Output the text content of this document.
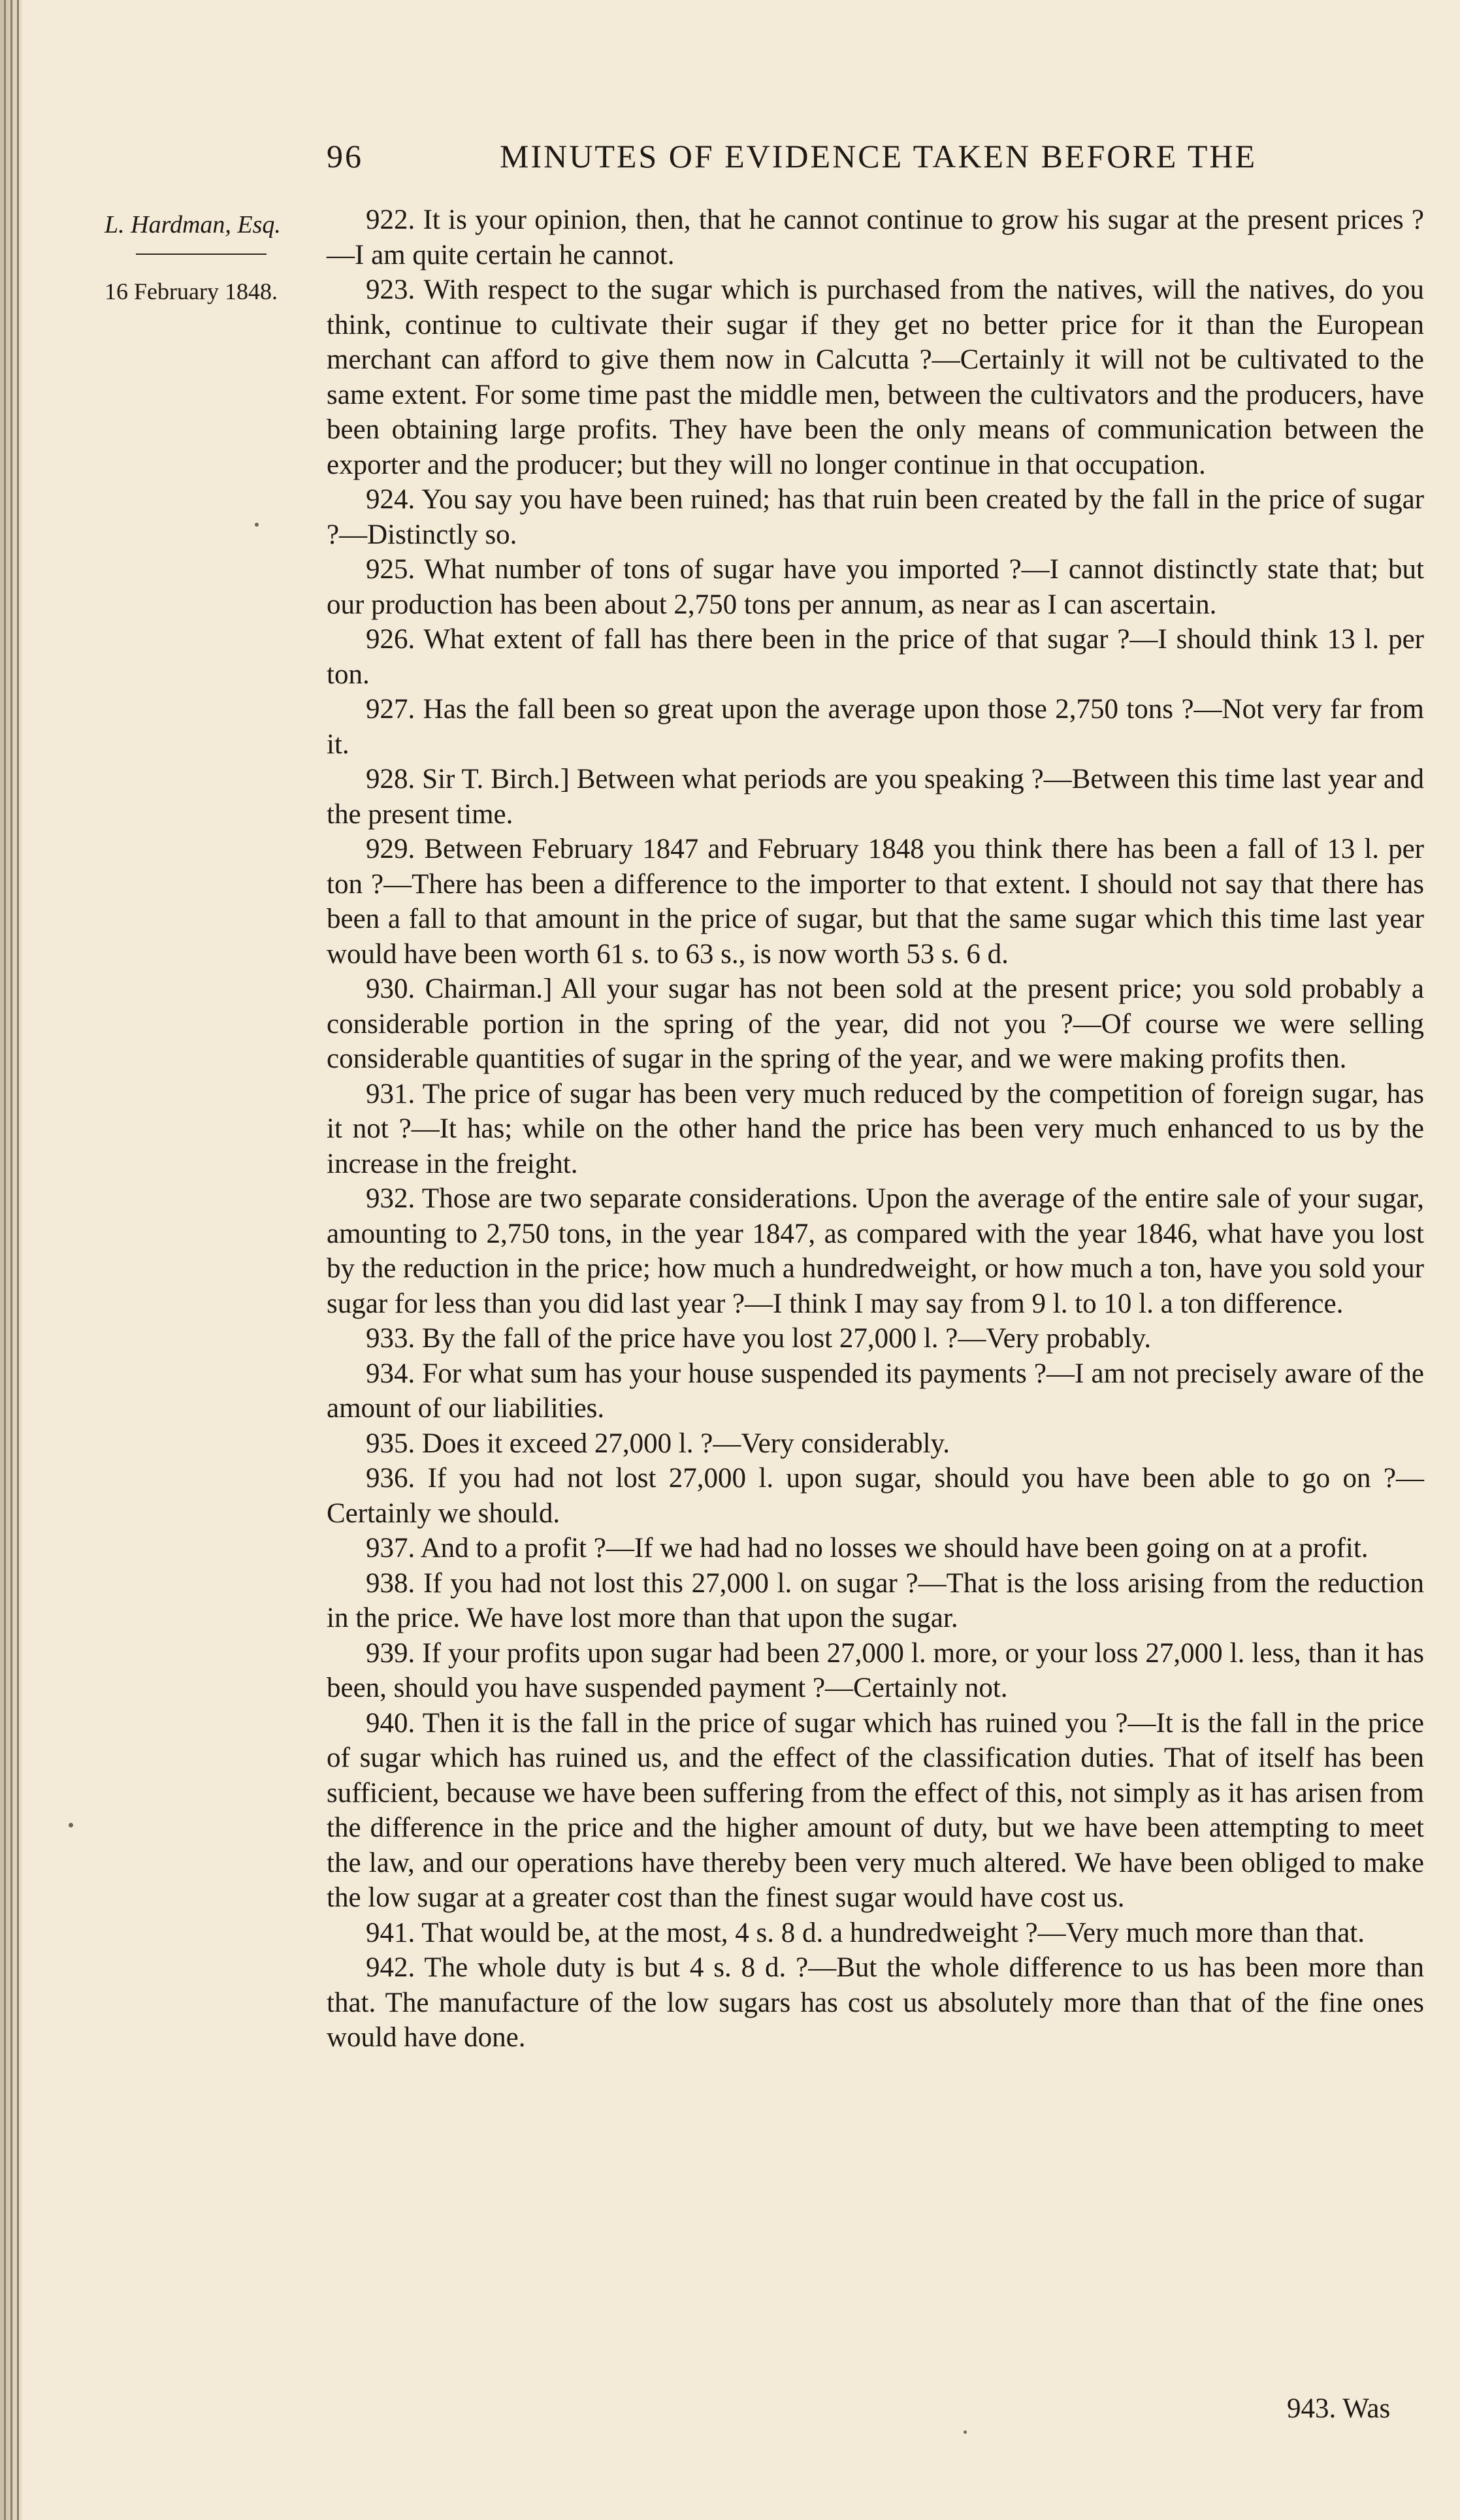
96	MINUTES OF EVIDENCE TAKEN BEFORE THE
L. Hardman, Esq.
16 February 1848.

922. It is your opinion, then, that he cannot continue to grow his sugar at the present prices ?—I am quite certain he cannot.

923. With respect to the sugar which is purchased from the natives, will the natives, do you think, continue to cultivate their sugar if they get no better price for it than the European merchant can afford to give them now in Calcutta ?—Certainly it will not be cultivated to the same extent. For some time past the middle men, between the cultivators and the producers, have been obtaining large profits. They have been the only means of communication between the exporter and the producer; but they will no longer continue in that occupation.

924. You say you have been ruined; has that ruin been created by the fall in the price of sugar ?—Distinctly so.

925. What number of tons of sugar have you imported ?—I cannot distinctly state that; but our production has been about 2,750 tons per annum, as near as I can ascertain.

926. What extent of fall has there been in the price of that sugar ?—I should think 13 l. per ton.

927. Has the fall been so great upon the average upon those 2,750 tons ?—Not very far from it.

928. Sir T. Birch.] Between what periods are you speaking ?—Between this time last year and the present time.

929. Between February 1847 and February 1848 you think there has been a fall of 13 l. per ton ?—There has been a difference to the importer to that extent. I should not say that there has been a fall to that amount in the price of sugar, but that the same sugar which this time last year would have been worth 61 s. to 63 s., is now worth 53 s. 6 d.

930. Chairman.] All your sugar has not been sold at the present price; you sold probably a considerable portion in the spring of the year, did not you ?—Of course we were selling considerable quantities of sugar in the spring of the year, and we were making profits then.

931. The price of sugar has been very much reduced by the competition of foreign sugar, has it not ?—It has; while on the other hand the price has been very much enhanced to us by the increase in the freight.

932. Those are two separate considerations. Upon the average of the entire sale of your sugar, amounting to 2,750 tons, in the year 1847, as compared with the year 1846, what have you lost by the reduction in the price; how much a hundredweight, or how much a ton, have you sold your sugar for less than you did last year ?—I think I may say from 9 l. to 10 l. a ton difference.

933. By the fall of the price have you lost 27,000 l. ?—Very probably.

934. For what sum has your house suspended its payments ?—I am not precisely aware of the amount of our liabilities.

935. Does it exceed 27,000 l. ?—Very considerably.

936. If you had not lost 27,000 l. upon sugar, should you have been able to go on ?—Certainly we should.

937. And to a profit ?—If we had had no losses we should have been going on at a profit.

938. If you had not lost this 27,000 l. on sugar ?—That is the loss arising from the reduction in the price. We have lost more than that upon the sugar.

939. If your profits upon sugar had been 27,000 l. more, or your loss 27,000 l. less, than it has been, should you have suspended payment ?—Certainly not.

940. Then it is the fall in the price of sugar which has ruined you ?—It is the fall in the price of sugar which has ruined us, and the effect of the classification duties. That of itself has been sufficient, because we have been suffering from the effect of this, not simply as it has arisen from the difference in the price and the higher amount of duty, but we have been attempting to meet the law, and our operations have thereby been very much altered. We have been obliged to make the low sugar at a greater cost than the finest sugar would have cost us.

941. That would be, at the most, 4 s. 8 d. a hundredweight ?—Very much more than that.

942. The whole duty is but 4 s. 8 d. ?—But the whole difference to us has been more than that. The manufacture of the low sugars has cost us absolutely more than that of the fine ones would have done.

943. Was
